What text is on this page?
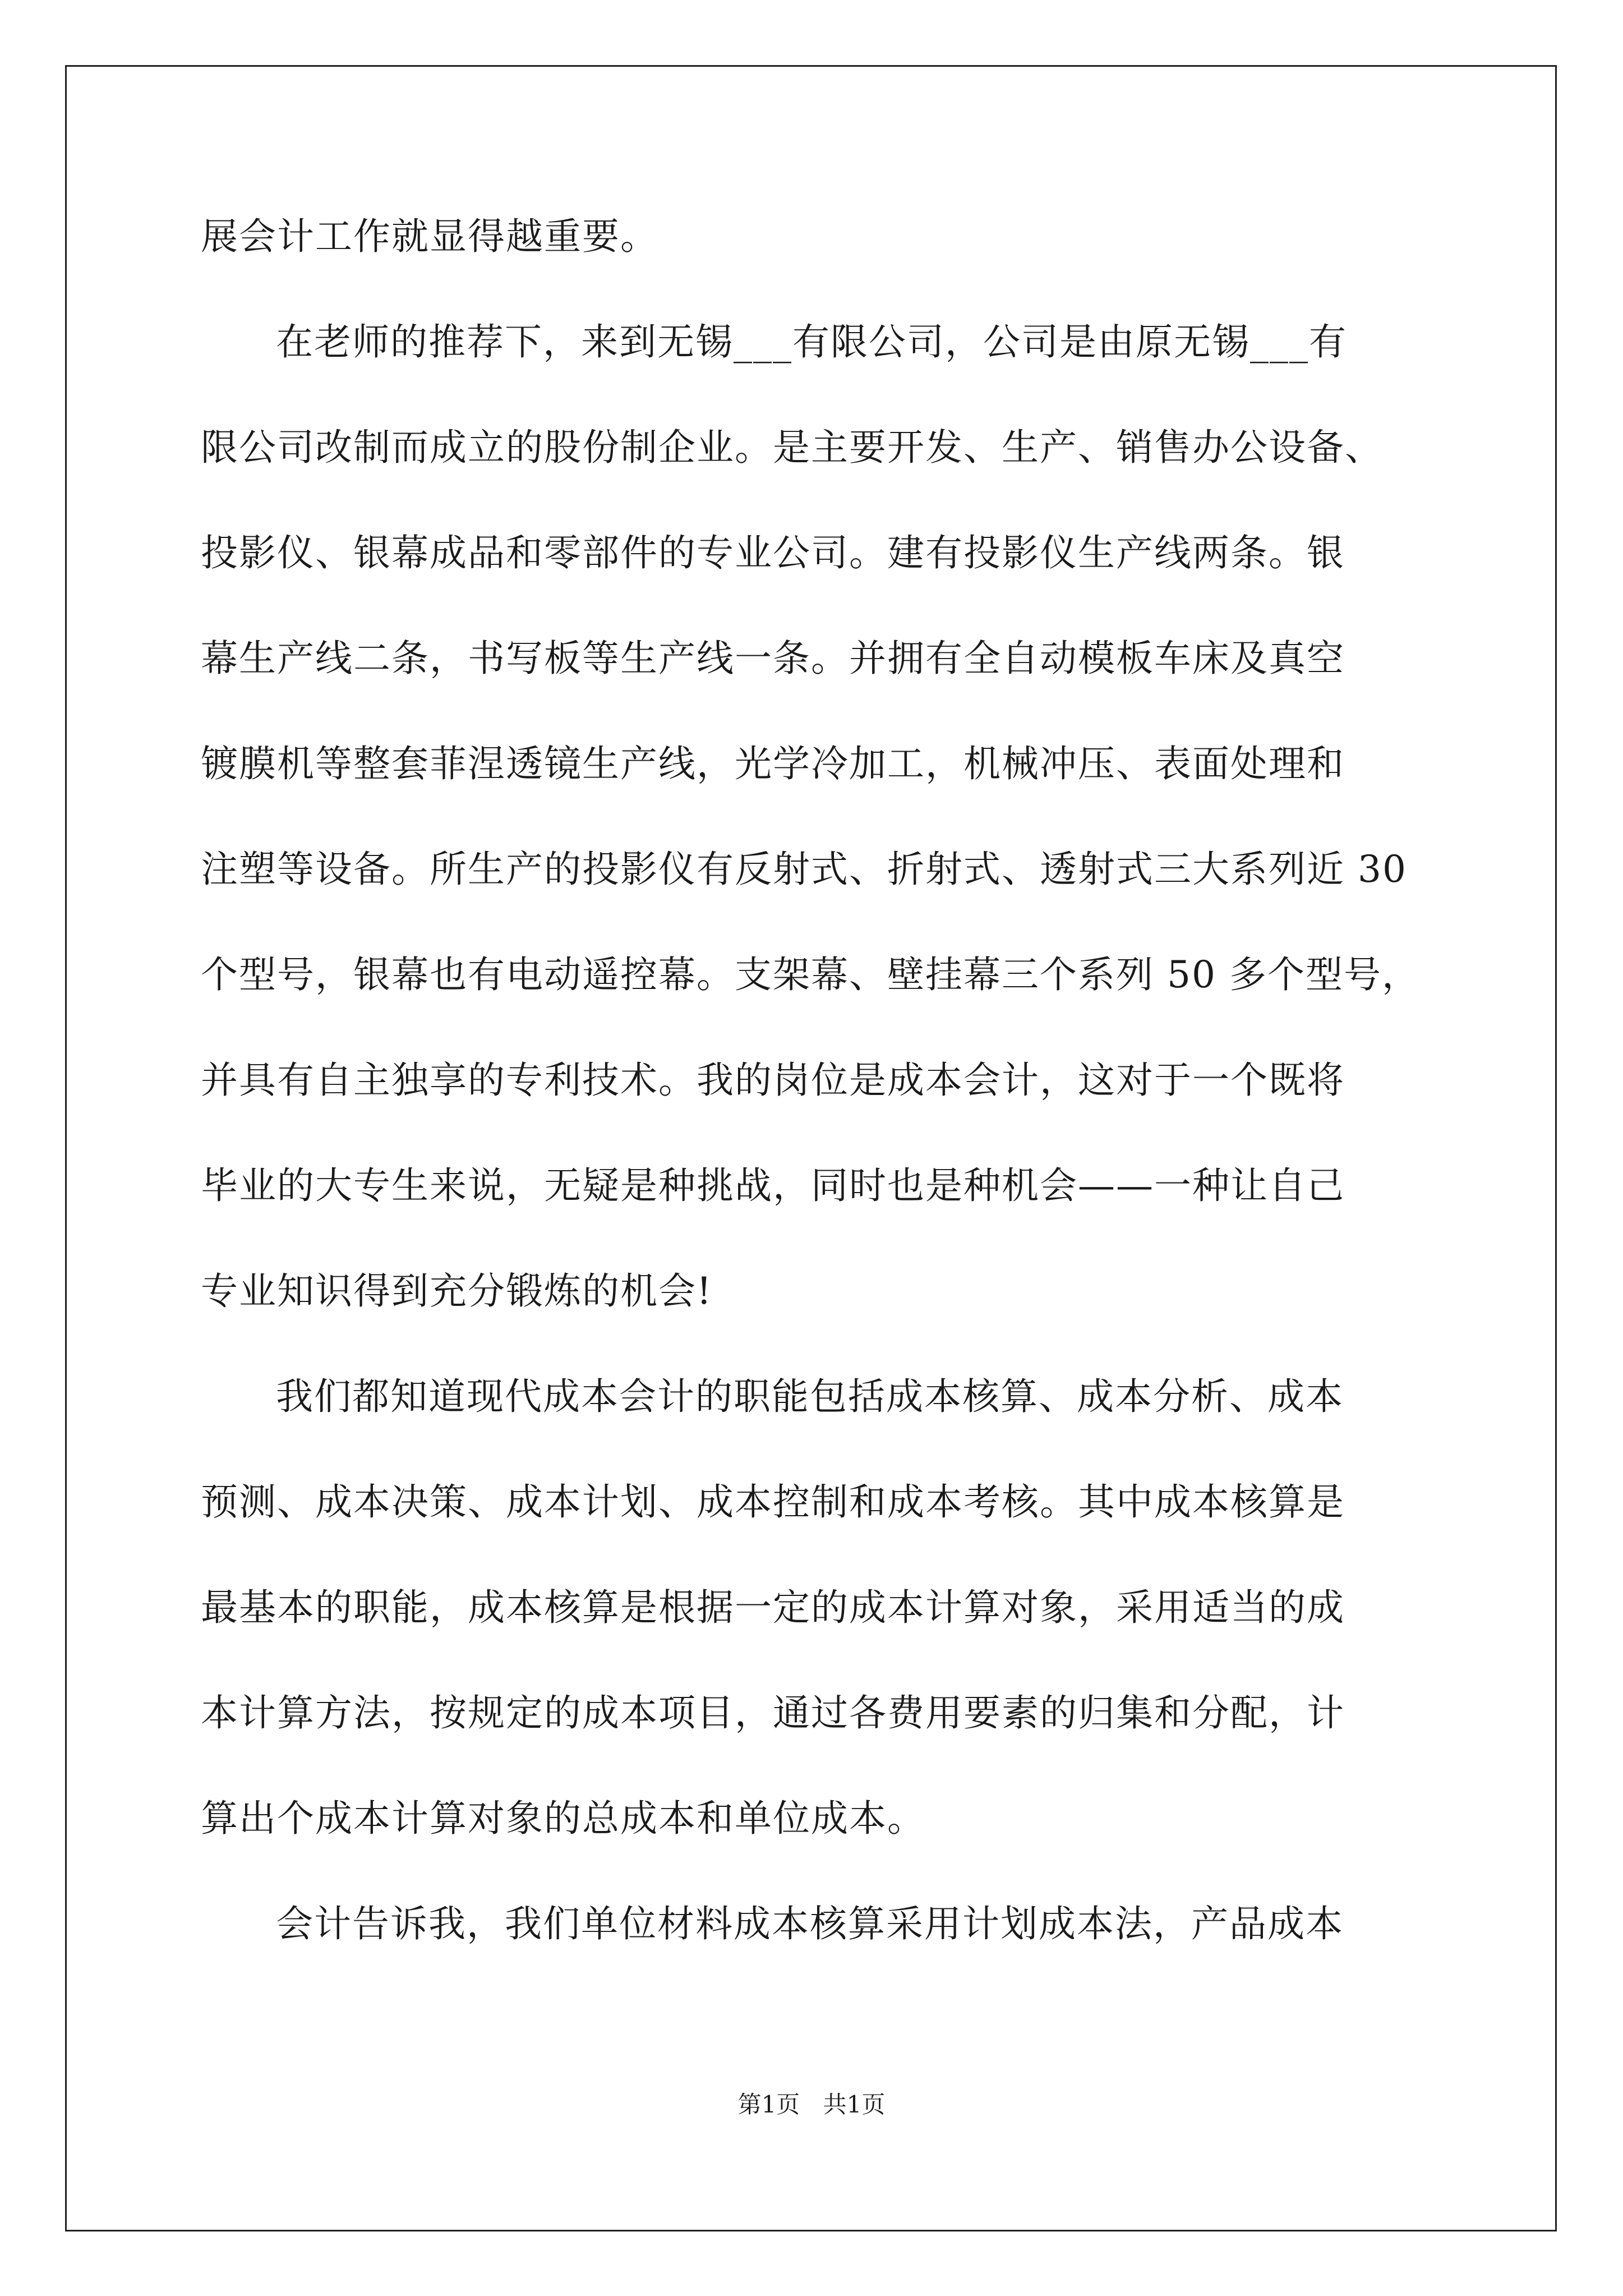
展会计工作就显得越重要。
在老师的推荐下，来到无锡___有限公司，公司是由原无锡___有
限公司改制而成立的股份制企业。是主要开发、生产、销售办公设备、
投影仪、银幕成品和零部件的专业公司。建有投影仪生产线两条。银
幕生产线二条，书写板等生产线一条。并拥有全自动模板车床及真空
镀膜机等整套菲涅透镜生产线，光学冷加工，机械冲压、表面处理和
注塑等设备。所生产的投影仪有反射式、折射式、透射式三大系列近 30
个型号，银幕也有电动遥控幕。支架幕、壁挂幕三个系列 50 多个型号，
并具有自主独享的专利技术。我的岗位是成本会计，这对于一个既将
毕业的大专生来说，无疑是种挑战，同时也是种机会——一种让自己
专业知识得到充分锻炼的机会!
我们都知道现代成本会计的职能包括成本核算、成本分析、成本
预测、成本决策、成本计划、成本控制和成本考核。其中成本核算是
最基本的职能，成本核算是根据一定的成本计算对象，采用适当的成
本计算方法，按规定的成本项目，通过各费用要素的归集和分配，计
算出个成本计算对象的总成本和单位成本。
会计告诉我，我们单位材料成本核算采用计划成本法，产品成本
第1页 共1页
